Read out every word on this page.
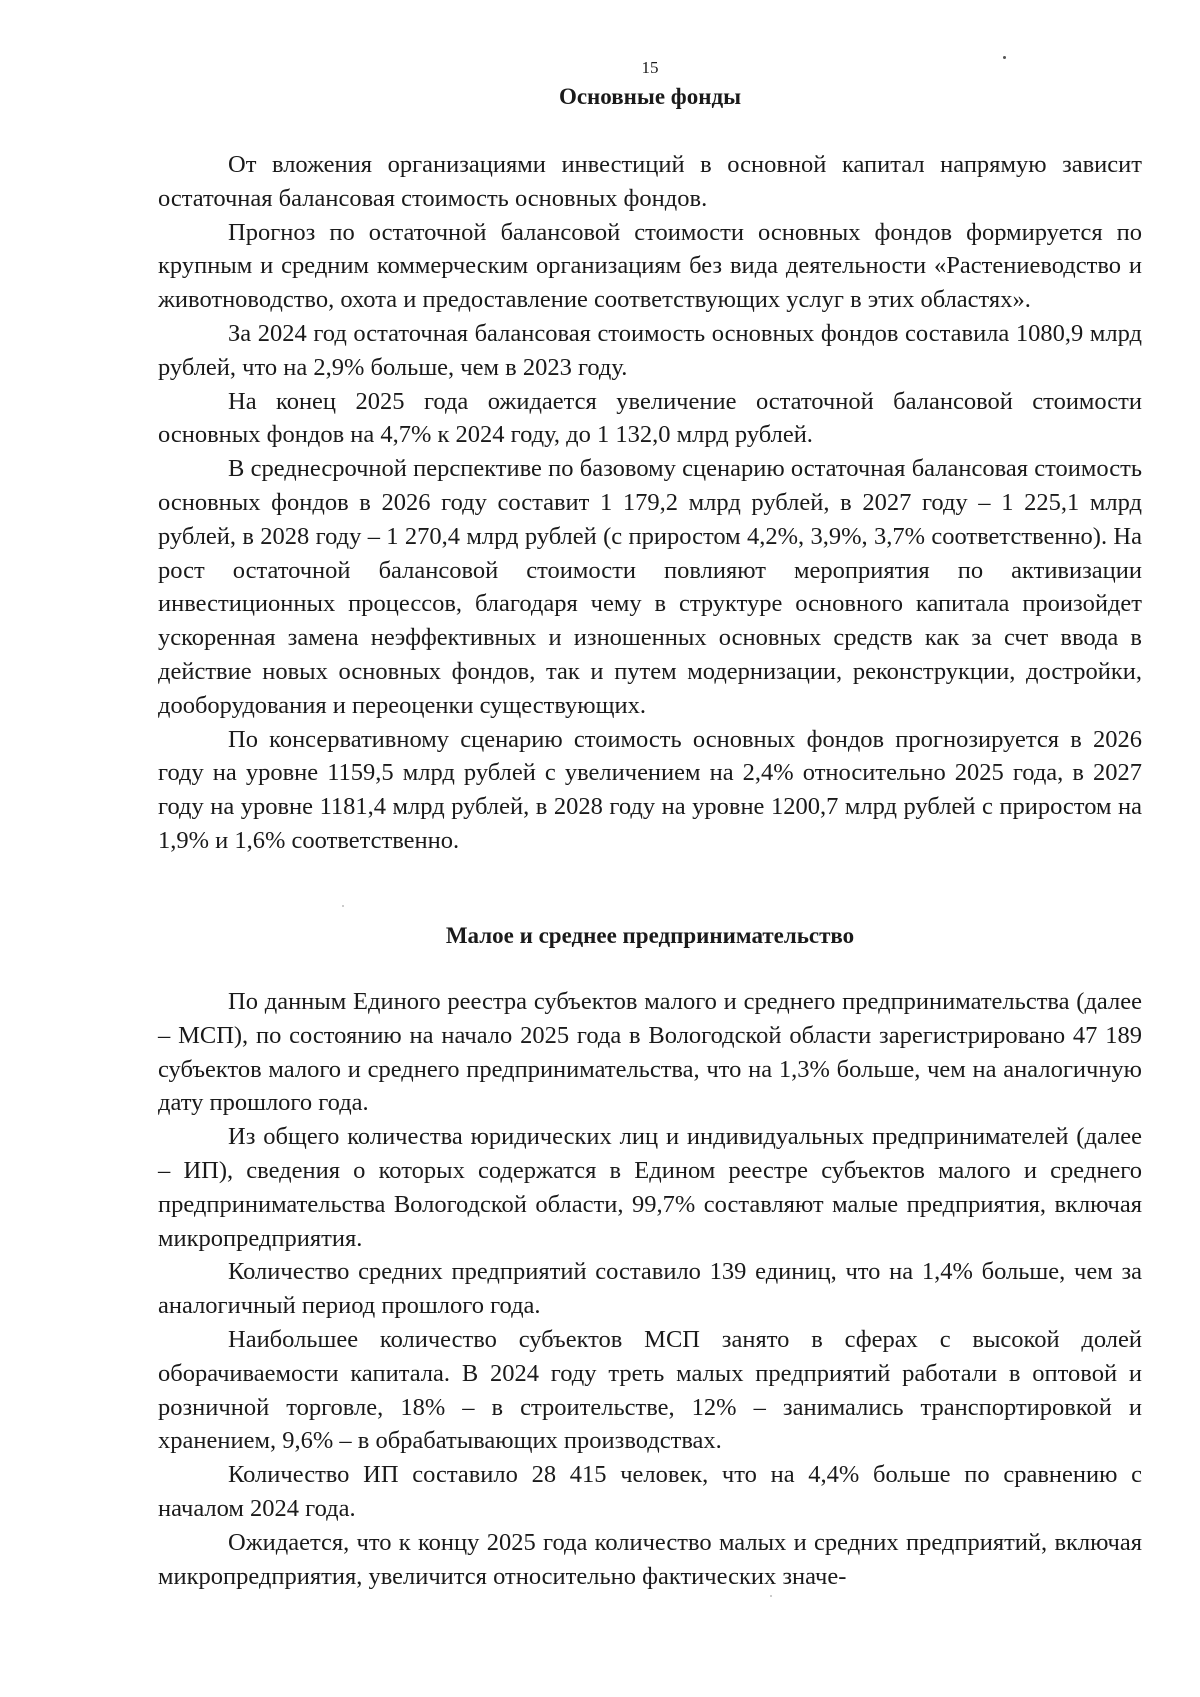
15
Основные фонды

От вложения организациями инвестиций в основной капитал напрямую зависит остаточная балансовая стоимость основных фондов.

Прогноз по остаточной балансовой стоимости основных фондов формируется по крупным и средним коммерческим организациям без вида деятельности «Растениеводство и животноводство, охота и предоставление соответствующих услуг в этих областях».

За 2024 год остаточная балансовая стоимость основных фондов составила 1080,9 млрд рублей, что на 2,9% больше, чем в 2023 году.

На конец 2025 года ожидается увеличение остаточной балансовой стоимости основных фондов на 4,7% к 2024 году, до 1 132,0 млрд рублей.

В среднесрочной перспективе по базовому сценарию остаточная балансовая стоимость основных фондов в 2026 году составит 1 179,2 млрд рублей, в 2027 году – 1 225,1 млрд рублей, в 2028 году – 1 270,4 млрд рублей (с приростом 4,2%, 3,9%, 3,7% соответственно). На рост остаточной балансовой стоимости повлияют мероприятия по активизации инвестиционных процессов, благодаря чему в структуре основного капитала произойдет ускоренная замена неэффективных и изношенных основных средств как за счет ввода в действие новых основных фондов, так и путем модернизации, реконструкции, достройки, дооборудования и переоценки существующих.

По консервативному сценарию стоимость основных фондов прогнозируется в 2026 году на уровне 1159,5 млрд рублей с увеличением на 2,4% относительно 2025 года, в 2027 году на уровне 1181,4 млрд рублей, в 2028 году на уровне 1200,7 млрд рублей с приростом на 1,9% и 1,6% соответственно.

Малое и среднее предпринимательство

По данным Единого реестра субъектов малого и среднего предпринимательства (далее – МСП), по состоянию на начало 2025 года в Вологодской области зарегистрировано 47 189 субъектов малого и среднего предпринимательства, что на 1,3% больше, чем на аналогичную дату прошлого года.

Из общего количества юридических лиц и индивидуальных предпринимателей (далее – ИП), сведения о которых содержатся в Едином реестре субъектов малого и среднего предпринимательства Вологодской области, 99,7% составляют малые предприятия, включая микропредприятия.

Количество средних предприятий составило 139 единиц, что на 1,4% больше, чем за аналогичный период прошлого года.

Наибольшее количество субъектов МСП занято в сферах с высокой долей оборачиваемости капитала. В 2024 году треть малых предприятий работали в оптовой и розничной торговле, 18% – в строительстве, 12% – занимались транспортировкой и хранением, 9,6% – в обрабатывающих производствах.

Количество ИП составило 28 415 человек, что на 4,4% больше по сравнению с началом 2024 года.

Ожидается, что к концу 2025 года количество малых и средних предприятий, включая микропредприятия, увеличится относительно фактических значе-
